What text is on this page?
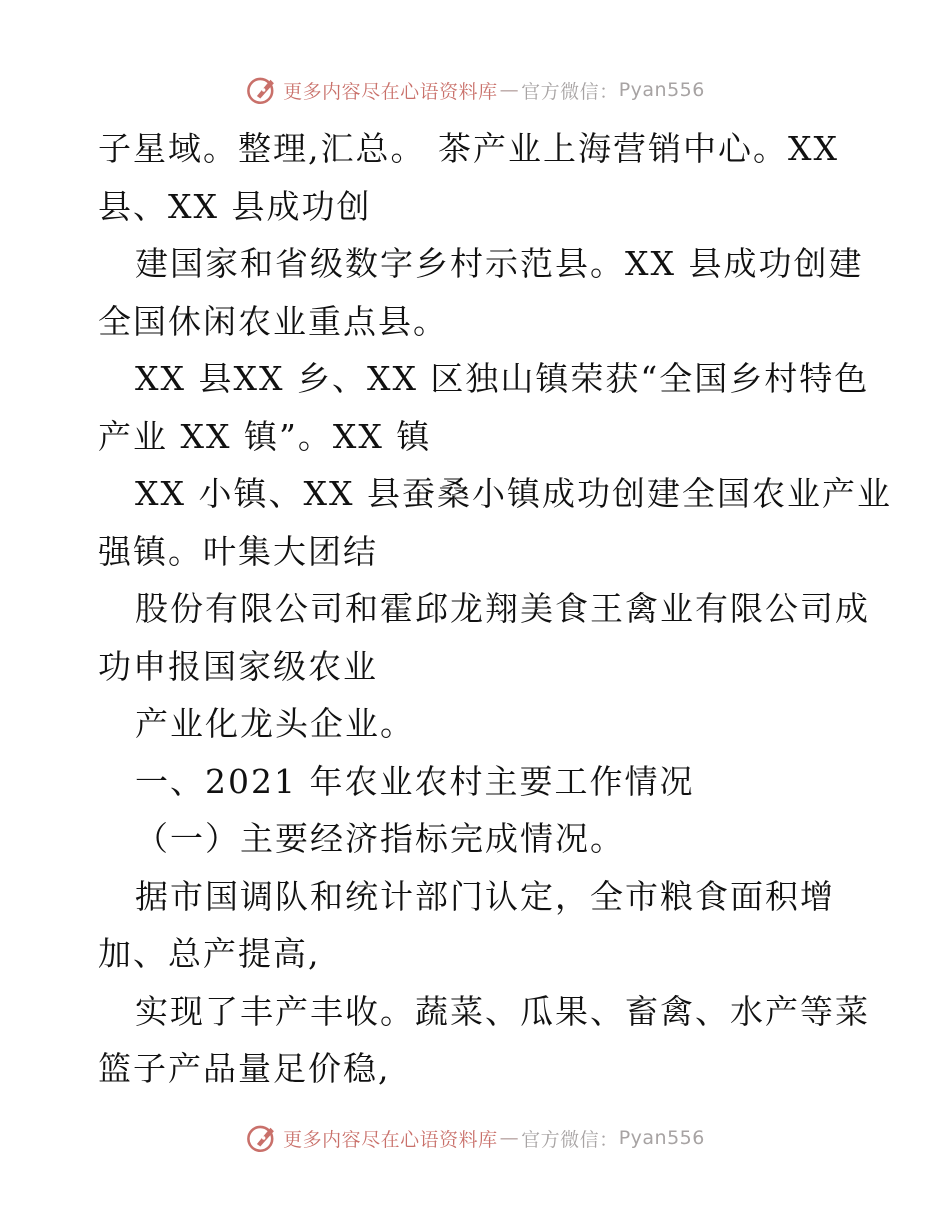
更多内容尽在心语资料库 — 官方微信： Pyan556

子星域。整理,汇总。 茶产业上海营销中心。XX

县、XX 县成功创

建国家和省级数字乡村示范县。XX 县成功创建

全国休闲农业重点县。

XX 县XX 乡、XX 区独山镇荣获“全国乡村特色

产业 XX 镇”。XX 镇

XX 小镇、XX 县蚕桑小镇成功创建全国农业产业

强镇。叶集大团结

股份有限公司和霍邱龙翔美食王禽业有限公司成

功申报国家级农业

产业化龙头企业。

一、2021 年农业农村主要工作情况

（一）主要经济指标完成情况。

据市国调队和统计部门认定，全市粮食面积增

加、总产提高,

实现了丰产丰收。蔬菜、瓜果、畜禽、水产等菜

篮子产品量足价稳,

更多内容尽在心语资料库 — 官方微信： Pyan556
